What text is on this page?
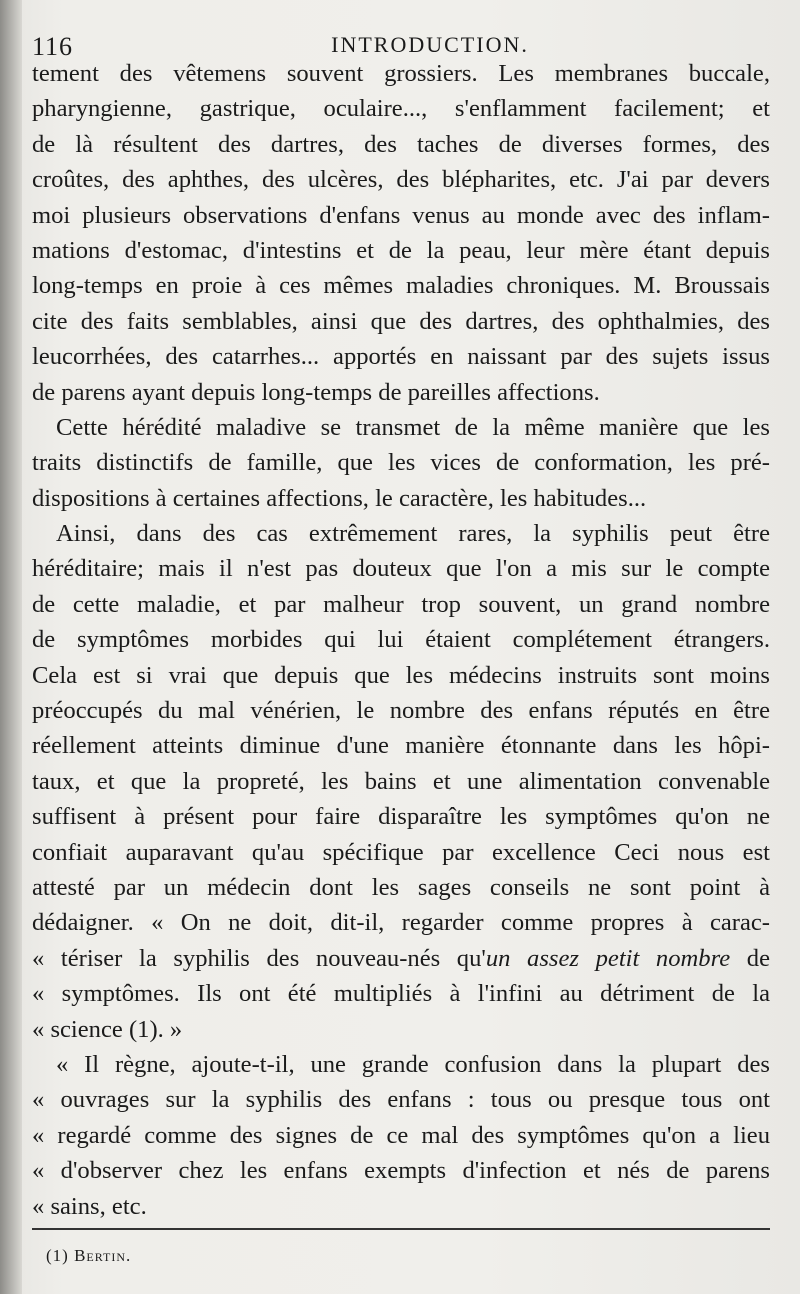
116	INTRODUCTION.
tement des vêtemens souvent grossiers. Les membranes buccale,
pharyngienne, gastrique, oculaire..., s'enflamment facilement; et
de là résultent des dartres, des taches de diverses formes, des
croûtes, des aphthes, des ulcères, des blépharites, etc. J'ai par devers
moi plusieurs observations d'enfans venus au monde avec des inflam-
mations d'estomac, d'intestins et de la peau, leur mère étant depuis
long-temps en proie à ces mêmes maladies chroniques. M. Broussais
cite des faits semblables, ainsi que des dartres, des ophthalmies, des
leucorrhées, des catarrhes... apportés en naissant par des sujets issus
de parens ayant depuis long-temps de pareilles affections.
Cette hérédité maladive se transmet de la même manière que les
traits distinctifs de famille, que les vices de conformation, les pré-
dispositions à certaines affections, le caractère, les habitudes...
Ainsi, dans des cas extrêmement rares, la syphilis peut être
héréditaire; mais il n'est pas douteux que l'on a mis sur le compte
de cette maladie, et par malheur trop souvent, un grand nombre
de symptômes morbides qui lui étaient complétement étrangers.
Cela est si vrai que depuis que les médecins instruits sont moins
préoccupés du mal vénérien, le nombre des enfans réputés en être
réellement atteints diminue d'une manière étonnante dans les hôpi-
taux, et que la propreté, les bains et une alimentation convenable
suffisent à présent pour faire disparaître les symptômes qu'on ne
confiait auparavant qu'au spécifique par excellence Ceci nous est
attesté par un médecin dont les sages conseils ne sont point à
dédaigner. « On ne doit, dit-il, regarder comme propres à carac-
« tériser la syphilis des nouveau-nés qu'un assez petit nombre de
« symptômes. Ils ont été multipliés à l'infini au détriment de la
« science (1). »
« Il règne, ajoute-t-il, une grande confusion dans la plupart des
« ouvrages sur la syphilis des enfans : tous ou presque tous ont
« regardé comme des signes de ce mal des symptômes qu'on a lieu
« d'observer chez les enfans exempts d'infection et nés de parens
« sains, etc.
(1) Bertin.
